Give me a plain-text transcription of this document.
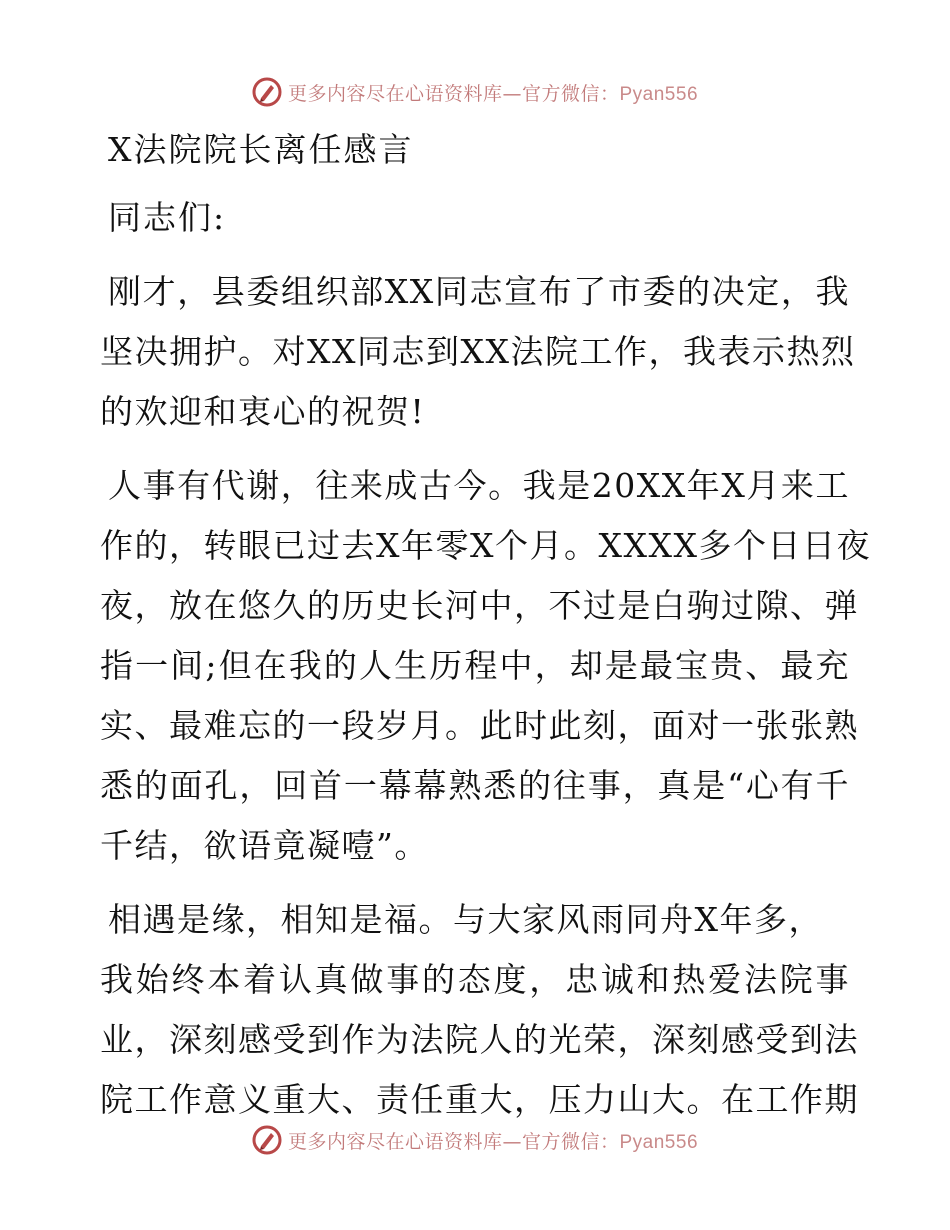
更多内容尽在心语资料库—官方微信：Pyan556
X法院院长离任感言

同志们:

刚才，县委组织部XX同志宣布了市委的决定，我
坚决拥护。对XX同志到XX法院工作，我表示热烈
的欢迎和衷心的祝贺!

人事有代谢，往来成古今。我是20XX年X月来工
作的，转眼已过去X年零X个月。XXXX多个日日夜
夜，放在悠久的历史长河中，不过是白驹过隙、弹
指一间;但在我的人生历程中，却是最宝贵、最充
实、最难忘的一段岁月。此时此刻，面对一张张熟
悉的面孔，回首一幕幕熟悉的往事，真是“心有千
千结，欲语竟凝噎”。

相遇是缘，相知是福。与大家风雨同舟X年多，
我始终本着认真做事的态度，忠诚和热爱法院事
业，深刻感受到作为法院人的光荣，深刻感受到法
院工作意义重大、责任重大，压力山大。在工作期

更多内容尽在心语资料库—官方微信：Pyan556
